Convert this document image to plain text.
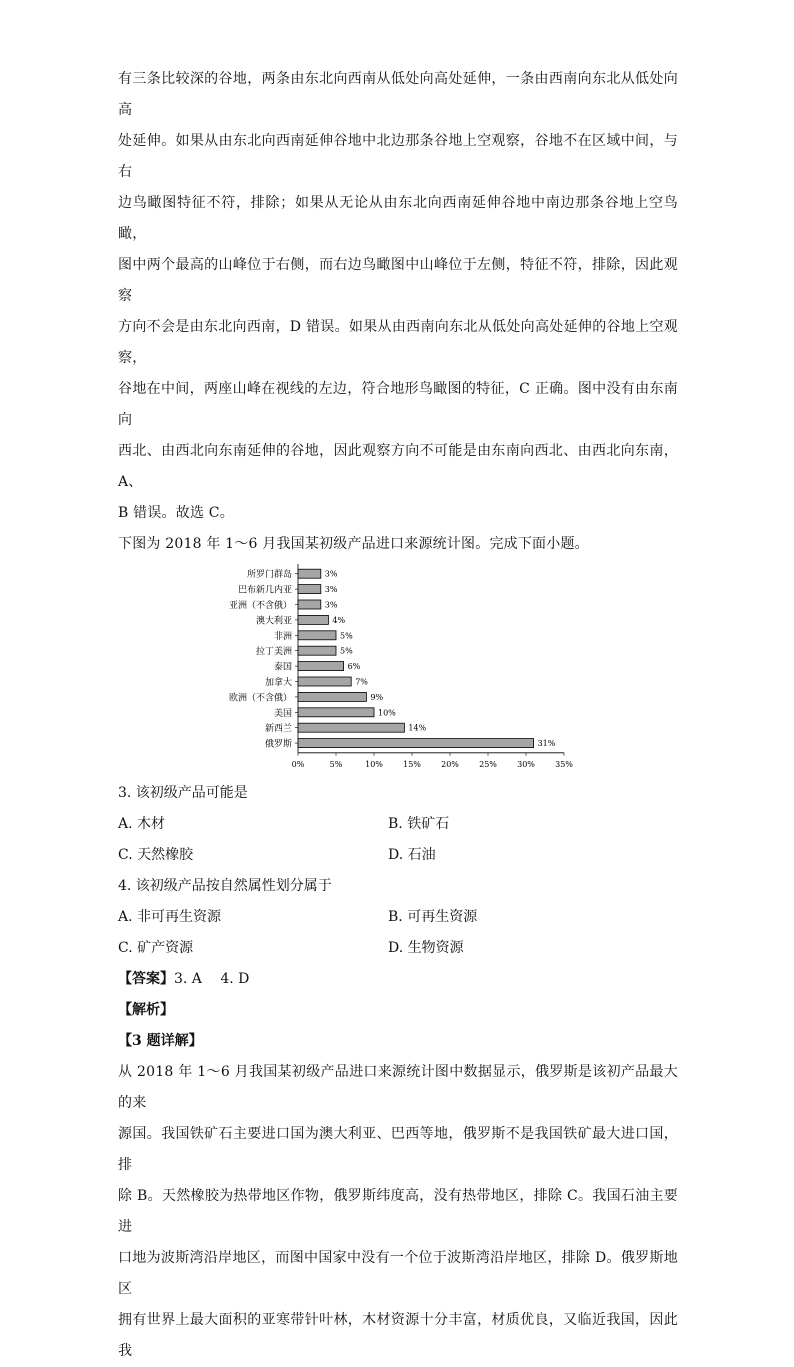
有三条比较深的谷地，两条由东北向西南从低处向高处延伸，一条由西南向东北从低处向高

处延伸。如果从由东北向西南延伸谷地中北边那条谷地上空观察，谷地不在区域中间，与右

边鸟瞰图特征不符，排除；如果从无论从由东北向西南延伸谷地中南边那条谷地上空鸟瞰，

图中两个最高的山峰位于右侧，而右边鸟瞰图中山峰位于左侧，特征不符，排除，因此观察

方向不会是由东北向西南，D 错误。如果从由西南向东北从低处向高处延伸的谷地上空观察，

谷地在中间，两座山峰在视线的左边，符合地形鸟瞰图的特征，C 正确。图中没有由东南向

西北、由西北向东南延伸的谷地，因此观察方向不可能是由东南向西北、由西北向东南，A、

B 错误。故选 C。

下图为 2018 年 1～6 月我国某初级产品进口来源统计图。完成下面小题。

所罗门群岛	3%
巴布新几内亚	3%
亚洲（不含俄）	3%
澳大利亚	4%
非洲	5%
拉丁美洲	5%
泰国	6%
加拿大	7%
欧洲（不含俄）	9%
美国	10%
新西兰	14%
俄罗斯	31%
0%	5%	10%	15%	20%	25%	30%	35%

3. 该初级产品可能是

A. 木材	B. 铁矿石
C. 天然橡胶	D. 石油

4. 该初级产品按自然属性划分属于

A. 非可再生资源	B. 可再生资源
C. 矿产资源	D. 生物资源

【答案】3. A　 4. D

【解析】

【3 题详解】

从 2018 年 1～6 月我国某初级产品进口来源统计图中数据显示，俄罗斯是该初产品最大的来

源国。我国铁矿石主要进口国为澳大利亚、巴西等地，俄罗斯不是我国铁矿最大进口国，排

除 B。天然橡胶为热带地区作物，俄罗斯纬度高，没有热带地区，排除 C。我国石油主要进

口地为波斯湾沿岸地区，而图中国家中没有一个位于波斯湾沿岸地区，排除 D。俄罗斯地区

拥有世界上最大面积的亚寒带针叶林，木材资源十分丰富，材质优良，又临近我国，因此我
